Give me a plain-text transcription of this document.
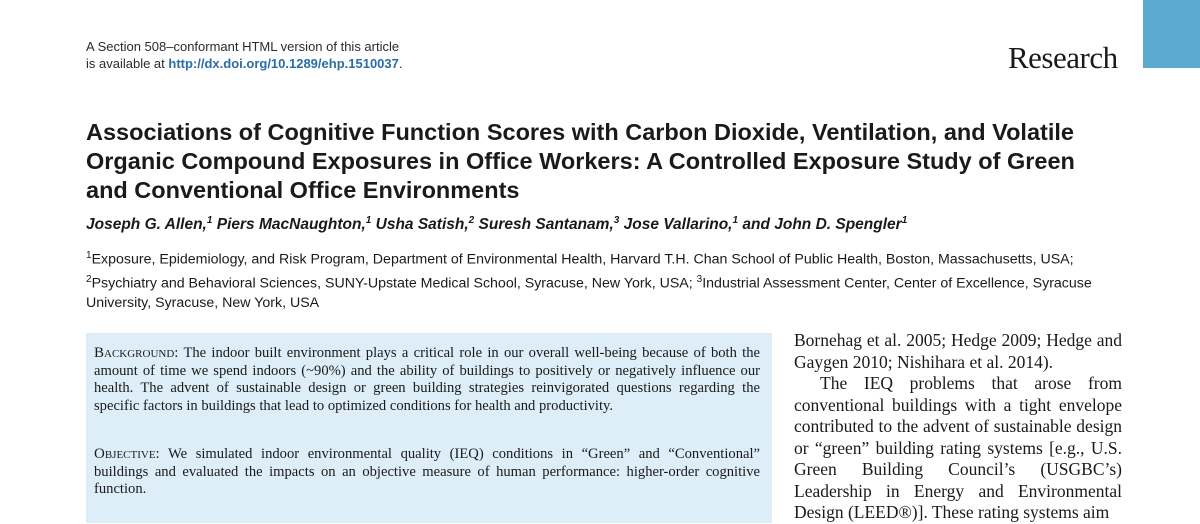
A Section 508–conformant HTML version of this article
is available at http://dx.doi.org/10.1289/ehp.1510037.	Research
Associations of Cognitive Function Scores with Carbon Dioxide, Ventilation, and Volatile Organic Compound Exposures in Office Workers: A Controlled Exposure Study of Green and Conventional Office Environments
Joseph G. Allen,$^1$ Piers MacNaughton,$^1$ Usha Satish,$^2$ Suresh Santanam,$^3$ Jose Vallarino,$^1$ and John D. Spengler$^1$
$^1$Exposure, Epidemiology, and Risk Program, Department of Environmental Health, Harvard T.H. Chan School of Public Health, Boston, Massachusetts, USA; $^2$Psychiatry and Behavioral Sciences, SUNY-Upstate Medical School, Syracuse, New York, USA; $^3$Industrial Assessment Center, Center of Excellence, Syracuse University, Syracuse, New York, USA

Background: The indoor built environment plays a critical role in our overall well-being because of both the amount of time we spend indoors (~90%) and the ability of buildings to positively or negatively influence our health. The advent of sustainable design or green building strategies reinvigorated questions regarding the specific factors in buildings that lead to optimized conditions for health and productivity.

Objective: We simulated indoor environmental quality (IEQ) conditions in “Green” and “Conventional” buildings and evaluated the impacts on an objective measure of human performance: higher-order cognitive function.

Bornehag et al. 2005; Hedge 2009; Hedge and Gaygen 2010; Nishihara et al. 2014).

The IEQ problems that arose from conventional buildings with a tight envelope contributed to the advent of sustainable design or “green” building rating systems [e.g., U.S. Green Building Council’s (USGBC’s) Leadership in Energy and Environmental Design (LEED®)]. These rating systems aim
